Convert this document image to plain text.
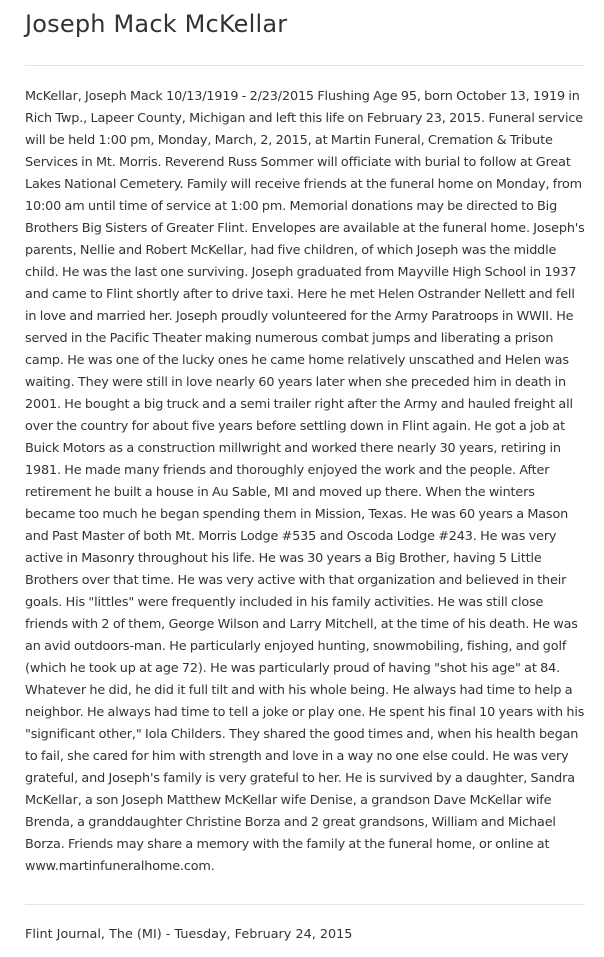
Joseph Mack McKellar

McKellar, Joseph Mack 10/13/1919 - 2/23/2015 Flushing Age 95, born October 13, 1919 in Rich Twp., Lapeer County, Michigan and left this life on February 23, 2015. Funeral service will be held 1:00 pm, Monday, March, 2, 2015, at Martin Funeral, Cremation & Tribute Services in Mt. Morris. Reverend Russ Sommer will officiate with burial to follow at Great Lakes National Cemetery. Family will receive friends at the funeral home on Monday, from 10:00 am until time of service at 1:00 pm. Memorial donations may be directed to Big Brothers Big Sisters of Greater Flint. Envelopes are available at the funeral home. Joseph's parents, Nellie and Robert McKellar, had five children, of which Joseph was the middle child. He was the last one surviving. Joseph graduated from Mayville High School in 1937 and came to Flint shortly after to drive taxi. Here he met Helen Ostrander Nellett and fell in love and married her. Joseph proudly volunteered for the Army Paratroops in WWII. He served in the Pacific Theater making numerous combat jumps and liberating a prison camp. He was one of the lucky ones he came home relatively unscathed and Helen was waiting. They were still in love nearly 60 years later when she preceded him in death in 2001. He bought a big truck and a semi trailer right after the Army and hauled freight all over the country for about five years before settling down in Flint again. He got a job at Buick Motors as a construction millwright and worked there nearly 30 years, retiring in 1981. He made many friends and thoroughly enjoyed the work and the people. After retirement he built a house in Au Sable, MI and moved up there. When the winters became too much he began spending them in Mission, Texas. He was 60 years a Mason and Past Master of both Mt. Morris Lodge #535 and Oscoda Lodge #243. He was very active in Masonry throughout his life. He was 30 years a Big Brother, having 5 Little Brothers over that time. He was very active with that organization and believed in their goals. His "littles" were frequently included in his family activities. He was still close friends with 2 of them, George Wilson and Larry Mitchell, at the time of his death. He was an avid outdoors-man. He particularly enjoyed hunting, snowmobiling, fishing, and golf (which he took up at age 72). He was particularly proud of having "shot his age" at 84. Whatever he did, he did it full tilt and with his whole being. He always had time to help a neighbor. He always had time to tell a joke or play one. He spent his final 10 years with his "significant other," Iola Childers. They shared the good times and, when his health began to fail, she cared for him with strength and love in a way no one else could. He was very grateful, and Joseph's family is very grateful to her. He is survived by a daughter, Sandra McKellar, a son Joseph Matthew McKellar wife Denise, a grandson Dave McKellar wife Brenda, a granddaughter Christine Borza and 2 great grandsons, William and Michael Borza. Friends may share a memory with the family at the funeral home, or online at www.martinfuneralhome.com.

Flint Journal, The (MI) - Tuesday, February 24, 2015
